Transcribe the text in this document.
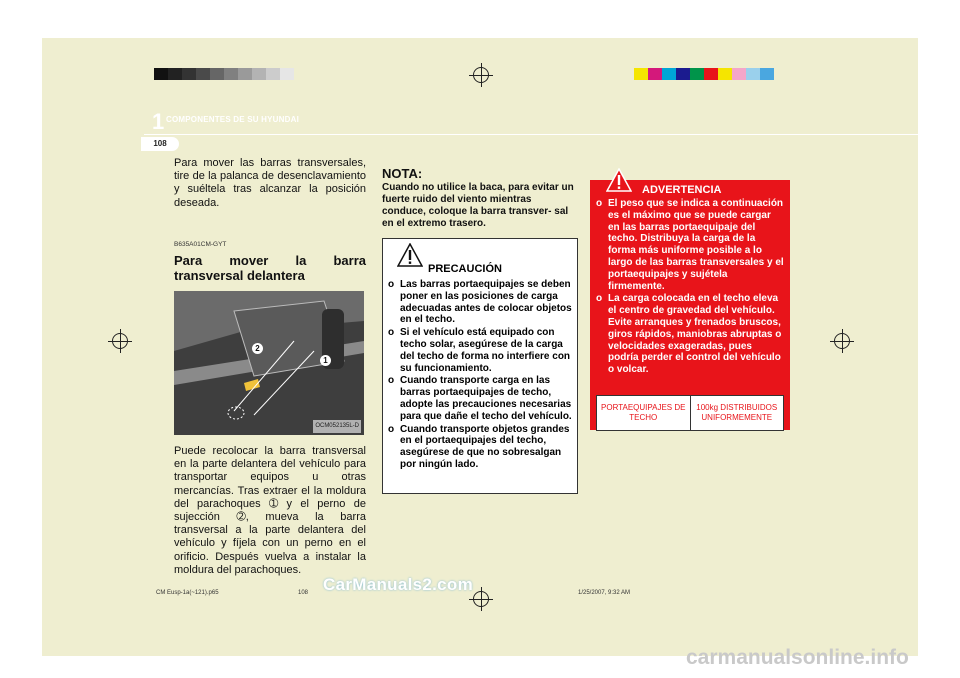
1 COMPONENTES DE SU HYUNDAI
108
Para mover las barras transversales, tire de la palanca de desenclavamiento y suéltela tras alcanzar la posición deseada.
B635A01CM-GYT
Para mover la barra transversal delantera
2
1
OCM052135L-D

Puede recolocar la barra transversal en la parte delantera del vehículo para transportar equipos u otras mercancías. Tras extraer el la moldura del parachoques ➀ y el perno de sujección ➁, mueva la barra transversal a la parte delantera del vehículo y fíjela con un perno en el orificio. Después vuelva a instalar la moldura del parachoques.

NOTA:
Cuando no utilice la baca, para evitar un fuerte ruido del viento mientras conduce, coloque la barra transver- sal en el extremo trasero.
PRECAUCIÓN
o Las barras portaequipajes se deben poner en las posiciones de carga adecuadas antes de colocar objetos en el techo.
o Si el vehículo está equipado con techo solar, asegúrese de la carga del techo de forma no interfiere con su funcionamiento.
o Cuando transporte carga en las barras portaequipajes de techo, adopte las precauciones necesarias para que dañe el techo del vehículo.
o Cuando transporte objetos grandes en el portaequipajes del techo, asegúrese de que no sobresalgan por ningún lado.
ADVERTENCIA
o El peso que se indica a continuación es el máximo que se puede cargar en las barras portaequipaje del techo. Distribuya la carga de la forma más uniforme posible a lo largo de las barras transversales y el portaequipajes y sujétela firmemente.
o La carga colocada en el techo eleva el centro de gravedad del vehículo. Evite arranques y frenados bruscos, giros rápidos, maniobras abruptas o velocidades exageradas, pues podría perder el control del vehículo o volcar.
PORTAEQUIPAJES DE TECHO
100kg DISTRIBUIDOS UNIFORMEMENTE
CM Eusp-1a(~121).p65	108	1/25/2007, 9:32 AM
CarManuals2.com
carmanualsonline.info
